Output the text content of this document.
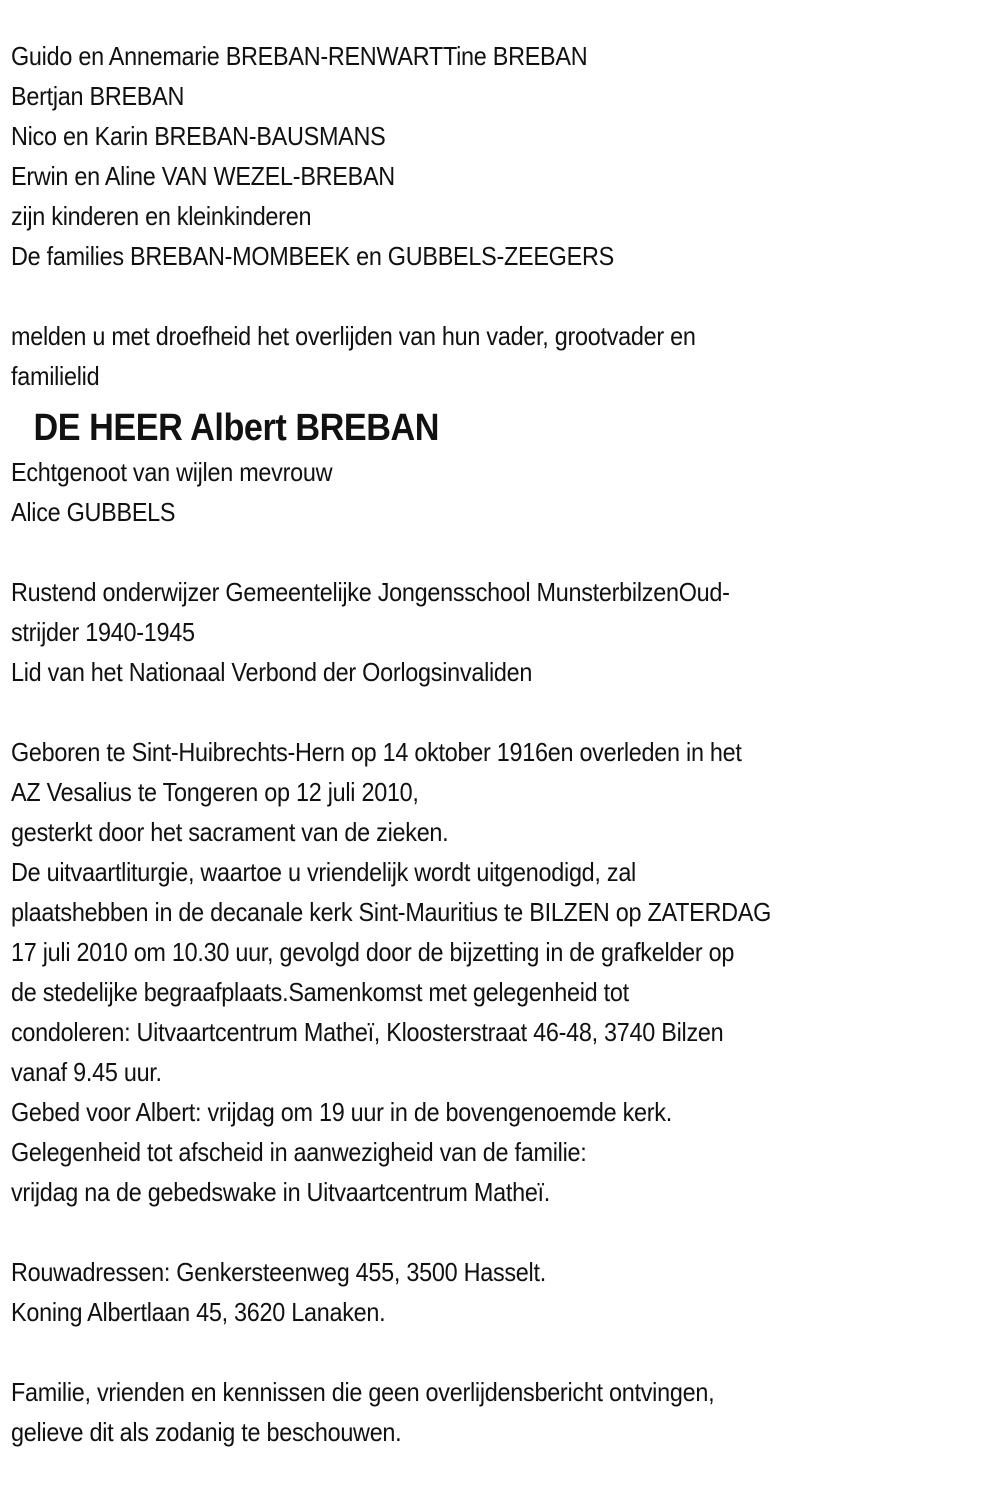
Guido en Annemarie BREBAN-RENWARTTine BREBAN
Bertjan BREBAN
Nico en Karin BREBAN-BAUSMANS
Erwin en Aline VAN WEZEL-BREBAN
zijn kinderen en kleinkinderen
De families BREBAN-MOMBEEK en GUBBELS-ZEEGERS
melden u met droefheid het overlijden van hun vader, grootvader en
familielid
DE HEER Albert BREBAN
Echtgenoot van wijlen mevrouw
Alice GUBBELS
Rustend onderwijzer Gemeentelijke Jongensschool MunsterbilzenOud-
strijder 1940-1945
Lid van het Nationaal Verbond der Oorlogsinvaliden
Geboren te Sint-Huibrechts-Hern op 14 oktober 1916en overleden in het
AZ Vesalius te Tongeren op 12 juli 2010,
gesterkt door het sacrament van de zieken.
De uitvaartliturgie, waartoe u vriendelijk wordt uitgenodigd, zal
plaatshebben in de decanale kerk Sint-Mauritius te BILZEN op ZATERDAG
17 juli 2010 om 10.30 uur, gevolgd door de bijzetting in de grafkelder op
de stedelijke begraafplaats.Samenkomst met gelegenheid tot
condoleren: Uitvaartcentrum Matheï, Kloosterstraat 46-48, 3740 Bilzen
vanaf 9.45 uur.
Gebed voor Albert: vrijdag om 19 uur in de bovengenoemde kerk.
Gelegenheid tot afscheid in aanwezigheid van de familie:
vrijdag na de gebedswake in Uitvaartcentrum Matheï.
Rouwadressen: Genkersteenweg 455, 3500 Hasselt.
Koning Albertlaan 45, 3620 Lanaken.
Familie, vrienden en kennissen die geen overlijdensbericht ontvingen,
gelieve dit als zodanig te beschouwen.
